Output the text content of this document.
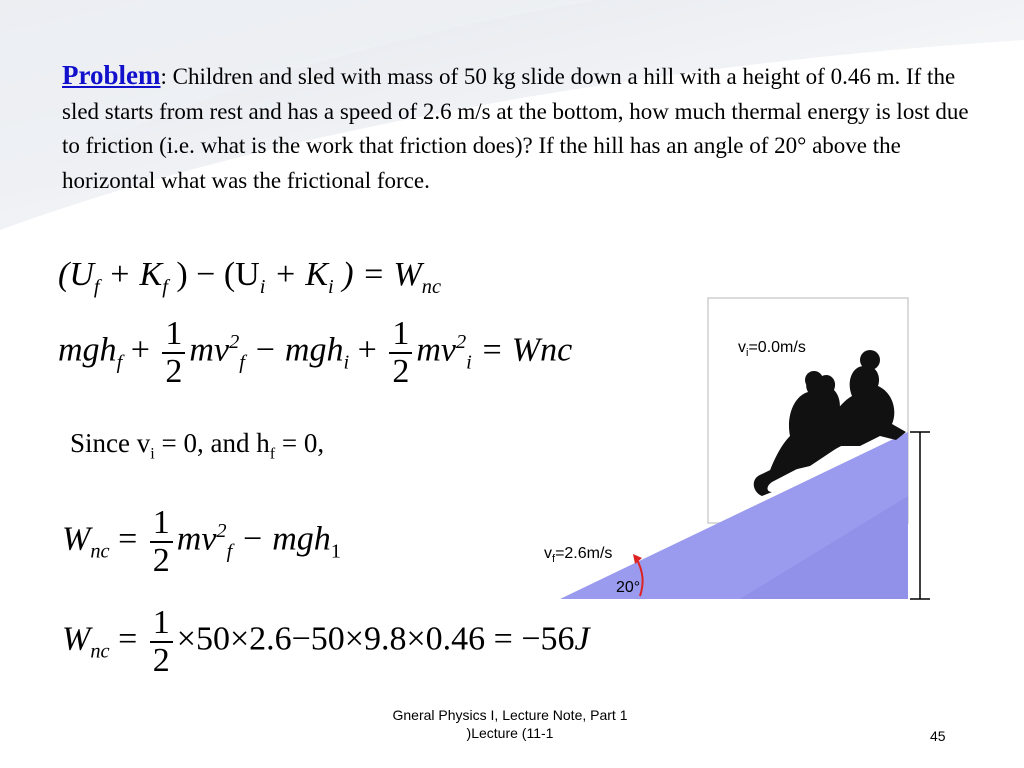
Problem: Children and sled with mass of 50 kg slide down a hill with a height of 0.46 m. If the sled starts from rest and has a speed of 2.6 m/s at the bottom, how much thermal energy is lost due to friction (i.e. what is the work that friction does)? If the hill has an angle of 20° above the horizontal what was the frictional force.
($U_f + K_f$ ) − ($U_i + K_i$ ) = $W_{nc}$
$mgh_f + \frac{1}{2} mv^2_f - mgh_i + \frac{1}{2} mv^2_i$ = Wnc
Since $v_i = 0$, and $h_f = 0$,
$W_{nc} = \frac{1}{2} mv^2_f - mgh_1$
$W_{nc} = \frac{1}{2} \times 50\times 2.6-50\times 9.8\times 0.46 = -56J$
$v_i=0.0m/s$
$v_f=2.6m/s$
20°
Gneral Physics I, Lecture Note, Part 1
)Lecture (11-1	45
